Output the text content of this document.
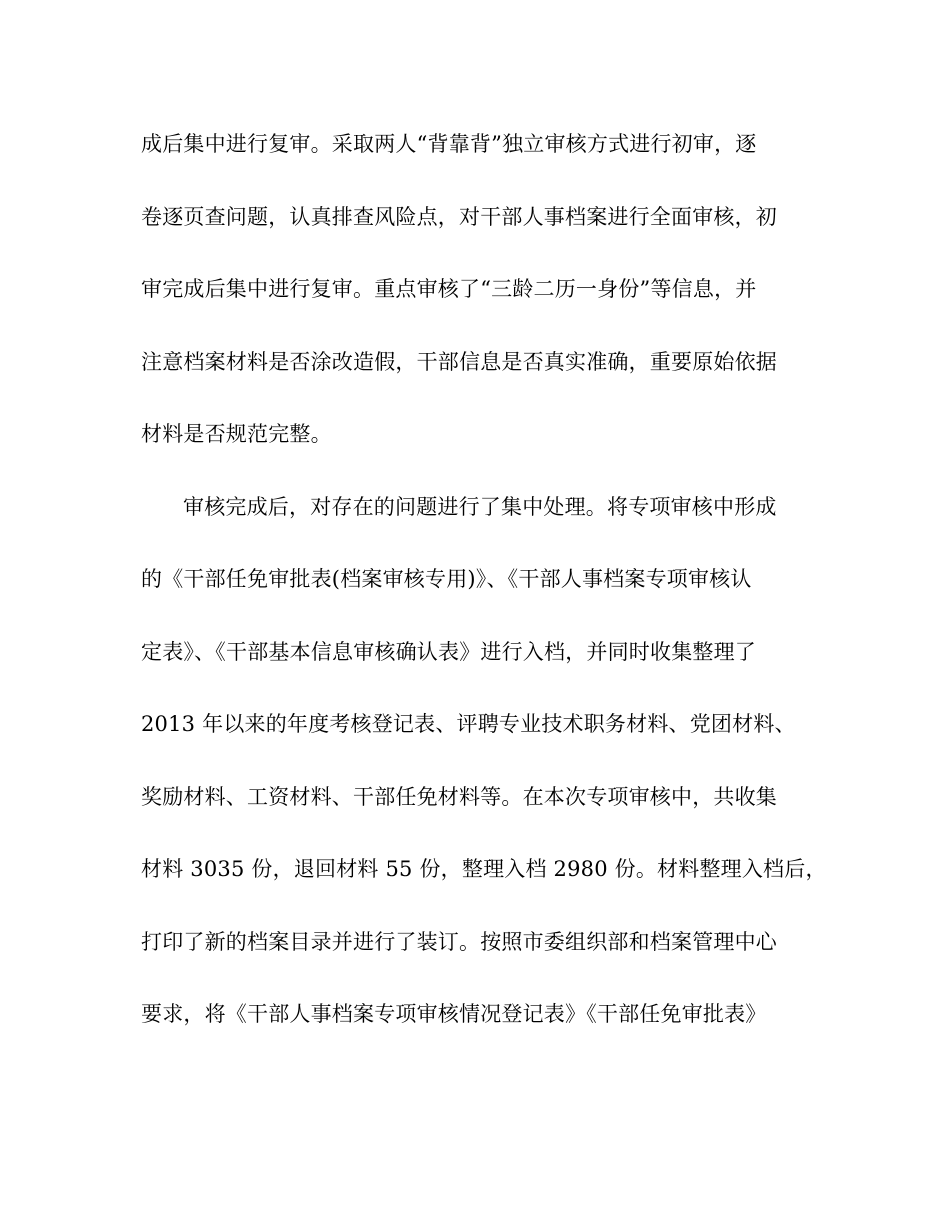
成后集中进行复审。采取两人“背靠背”独立审核方式进行初审，逐
卷逐页查问题，认真排查风险点，对干部人事档案进行全面审核，初
审完成后集中进行复审。重点审核了“三龄二历一身份”等信息，并
注意档案材料是否涂改造假，干部信息是否真实准确，重要原始依据
材料是否规范完整。
审核完成后，对存在的问题进行了集中处理。将专项审核中形成
的《干部任免审批表(档案审核专用)》、《干部人事档案专项审核认
定表》、《干部基本信息审核确认表》进行入档，并同时收集整理了
2013 年以来的年度考核登记表、评聘专业技术职务材料、党团材料、
奖励材料、工资材料、干部任免材料等。在本次专项审核中，共收集
材料 3035 份，退回材料 55 份，整理入档 2980 份。材料整理入档后，
打印了新的档案目录并进行了装订。按照市委组织部和档案管理中心
要求，将《干部人事档案专项审核情况登记表》《干部任免审批表》
